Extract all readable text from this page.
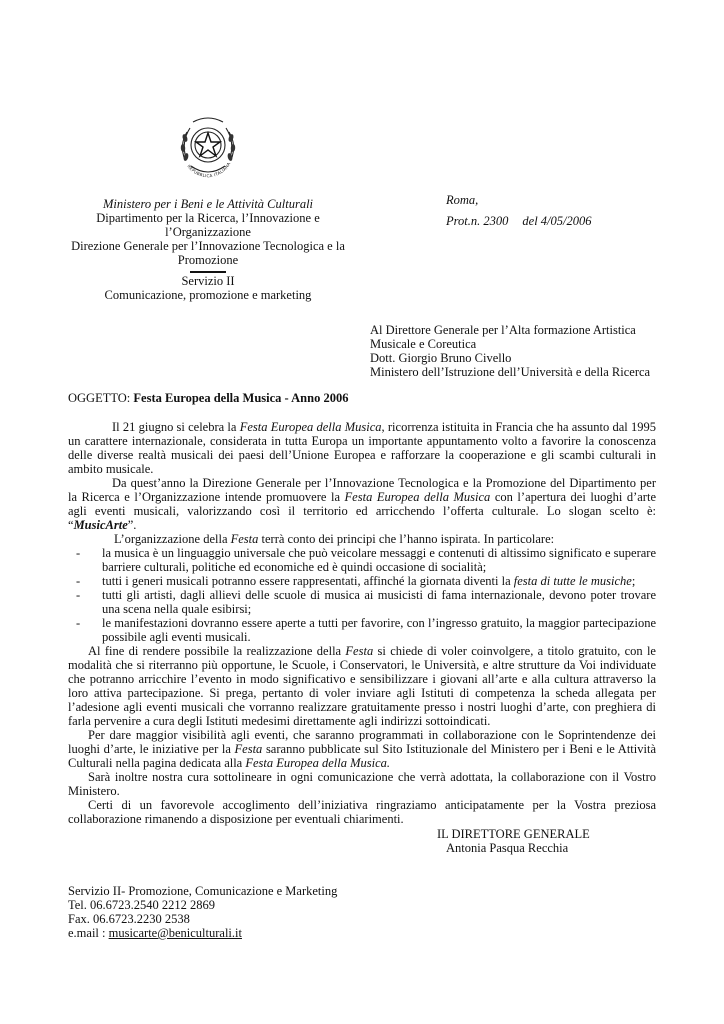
REPUBBLICA ITALIANA
Ministero per i Beni e le Attività Culturali
Dipartimento per la Ricerca, l’Innovazione e
l’Organizzazione
Direzione Generale per l’Innovazione Tecnologica e la
Promozione
Servizio II
Comunicazione, promozione e marketing
Roma,
Prot.n. 2300 del 4/05/2006
Al Direttore Generale per l’Alta formazione Artistica
Musicale e Coreutica
Dott. Giorgio Bruno Civello
Ministero dell’Istruzione dell’Università e della Ricerca
OGGETTO: Festa Europea della Musica - Anno 2006

Il 21 giugno si celebra la Festa Europea della Musica, ricorrenza istituita in Francia che ha assunto dal 1995 un carattere internazionale, considerata in tutta Europa un importante appuntamento volto a favorire la conoscenza delle diverse realtà musicali dei paesi dell’Unione Europea e rafforzare la cooperazione e gli scambi culturali in ambito musicale.

Da quest’anno la Direzione Generale per l’Innovazione Tecnologica e la Promozione del Dipartimento per la Ricerca e l’Organizzazione intende promuovere la Festa Europea della Musica con l’apertura dei luoghi d’arte agli eventi musicali, valorizzando così il territorio ed arricchendo l’offerta culturale. Lo slogan scelto è: “MusicArte”.

L’organizzazione della Festa terrà conto dei principi che l’hanno ispirata. In particolare:

- la musica è un linguaggio universale che può veicolare messaggi e contenuti di altissimo significato e superare barriere culturali, politiche ed economiche ed è quindi occasione di socialità;
- tutti i generi musicali potranno essere rappresentati, affinché la giornata diventi la festa di tutte le musiche;
- tutti gli artisti, dagli allievi delle scuole di musica ai musicisti di fama internazionale, devono poter trovare una scena nella quale esibirsi;
- le manifestazioni dovranno essere aperte a tutti per favorire, con l’ingresso gratuito, la maggior partecipazione possibile agli eventi musicali.

Al fine di rendere possibile la realizzazione della Festa si chiede di voler coinvolgere, a titolo gratuito, con le modalità che si riterranno più opportune, le Scuole, i Conservatori, le Università, e altre strutture da Voi individuate che potranno arricchire l’evento in modo significativo e sensibilizzare i giovani all’arte e alla cultura attraverso la loro attiva partecipazione. Si prega, pertanto di voler inviare agli Istituti di competenza la scheda allegata per l’adesione agli eventi musicali che vorranno realizzare gratuitamente presso i nostri luoghi d’arte, con preghiera di farla pervenire a cura degli Istituti medesimi direttamente agli indirizzi sottoindicati.

Per dare maggior visibilità agli eventi, che saranno programmati in collaborazione con le Soprintendenze dei luoghi d’arte, le iniziative per la Festa saranno pubblicate sul Sito Istituzionale del Ministero per i Beni e le Attività Culturali nella pagina dedicata alla Festa Europea della Musica.

Sarà inoltre nostra cura sottolineare in ogni comunicazione che verrà adottata, la collaborazione con il Vostro Ministero.

Certi di un favorevole accoglimento dell’iniziativa ringraziamo anticipatamente per la Vostra preziosa collaborazione rimanendo a disposizione per eventuali chiarimenti.

IL DIRETTORE GENERALE
Antonia Pasqua Recchia
Servizio II- Promozione, Comunicazione e Marketing
Tel. 06.6723.2540 2212 2869
Fax. 06.6723.2230 2538
e.mail : musicarte@beniculturali.it
